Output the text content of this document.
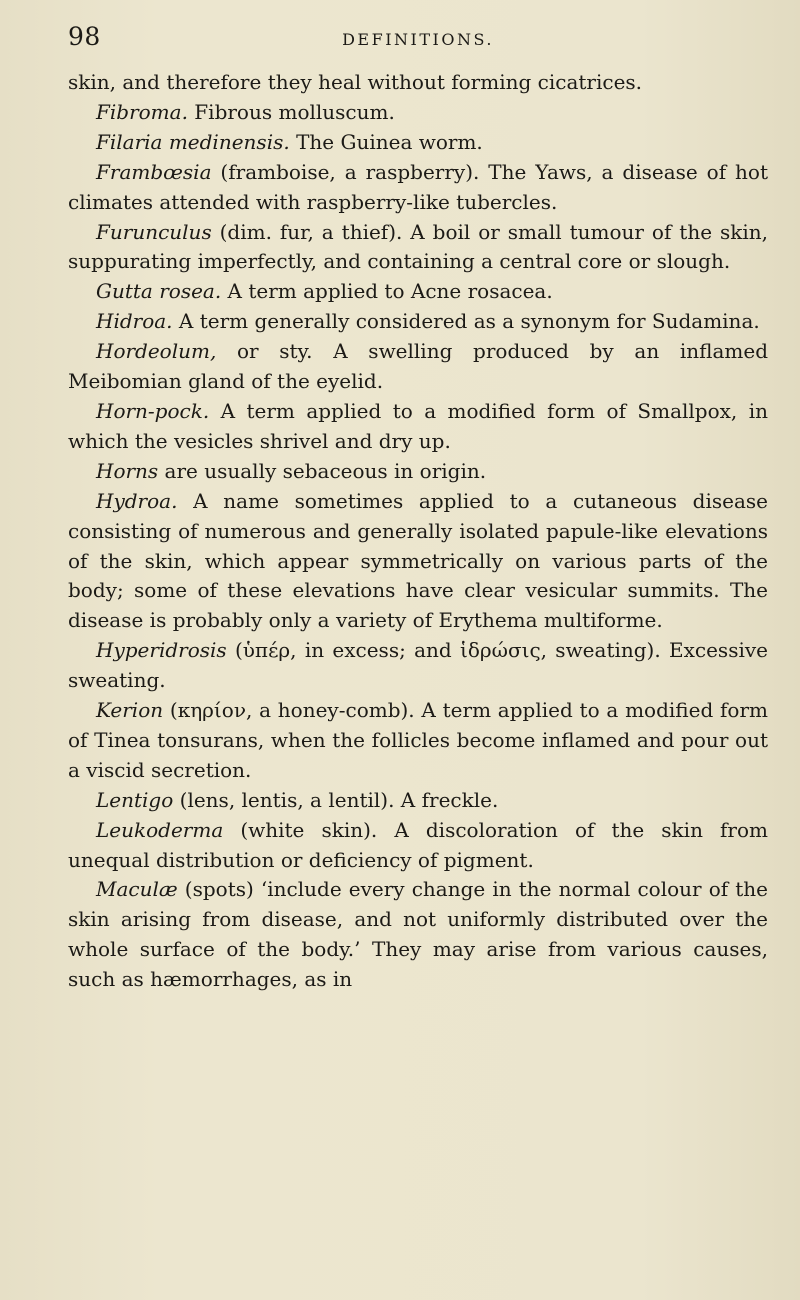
98	DEFINITIONS.

skin, and therefore they heal without forming cicatrices.

Fibroma. Fibrous molluscum.

Filaria medinensis. The Guinea worm.

Frambœsia (framboise, a raspberry). The Yaws, a disease of hot climates attended with raspberry-like tubercles.

Furunculus (dim. fur, a thief). A boil or small tumour of the skin, suppurating imperfectly, and containing a central core or slough.

Gutta rosea. A term applied to Acne rosacea.

Hidroa. A term generally considered as a synonym for Sudamina.

Hordeolum, or sty. A swelling produced by an inflamed Meibomian gland of the eyelid.

Horn-pock. A term applied to a modified form of Smallpox, in which the vesicles shrivel and dry up.

Horns are usually sebaceous in origin.

Hydroa. A name sometimes applied to a cutaneous disease consisting of numerous and generally isolated papule-like elevations of the skin, which appear symmetrically on various parts of the body; some of these elevations have clear vesicular summits. The disease is probably only a variety of Erythema multiforme.

Hyperidrosis (ὑπέρ, in excess; and ἱδρώσις, sweating). Excessive sweating.

Kerion (κηρίον, a honey-comb). A term applied to a modified form of Tinea tonsurans, when the follicles become inflamed and pour out a viscid secretion.

Lentigo (lens, lentis, a lentil). A freckle.

Leukoderma (white skin). A discoloration of the skin from unequal distribution or deficiency of pigment.

Maculæ (spots) ‘include every change in the normal colour of the skin arising from disease, and not uniformly distributed over the whole surface of the body.’ They may arise from various causes, such as hæmorrhages, as in
